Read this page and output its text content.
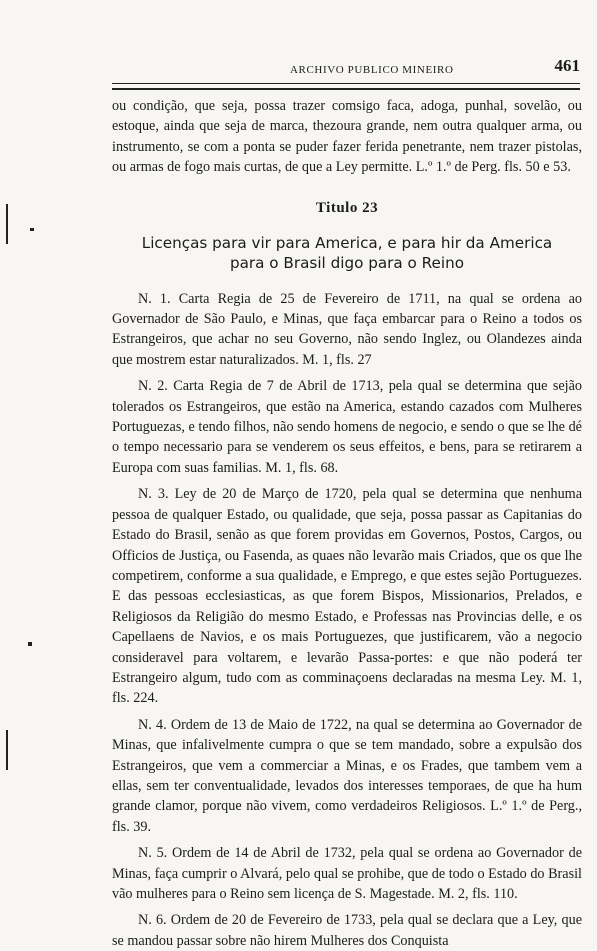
ARCHIVO PUBLICO MINEIRO	461

ou condição, que seja, possa trazer comsigo faca, adoga, punhal, sovelão, ou estoque, ainda que seja de marca, thezoura grande, nem outra qualquer arma, ou instrumento, se com a ponta se puder fazer ferida penetrante, nem trazer pistolas, ou armas de fogo mais curtas, de que a Ley permitte. L.º 1.º de Perg. fls. 50 e 53.

Titulo 23
Licenças para vir para America, e para hir da America
para o Brasil digo para o Reino

N. 1. Carta Regia de 25 de Fevereiro de 1711, na qual se ordena ao Governador de São Paulo, e Minas, que faça embarcar para o Reino a todos os Estrangeiros, que achar no seu Governo, não sendo Inglez, ou Olandezes ainda que mostrem estar naturalizados. M. 1, fls. 27

N. 2. Carta Regia de 7 de Abril de 1713, pela qual se determina que sejão tolerados os Estrangeiros, que estão na America, estando cazados com Mulheres Portuguezas, e tendo filhos, não sendo homens de negocio, e sendo o que se lhe dé o tempo necessario para se venderem os seus effeitos, e bens, para se retirarem a Europa com suas familias. M. 1, fls. 68.

N. 3. Ley de 20 de Março de 1720, pela qual se determina que nenhuma pessoa de qualquer Estado, ou qualidade, que seja, possa passar as Capitanias do Estado do Brasil, senão as que forem providas em Governos, Postos, Cargos, ou Officios de Justiça, ou Fasenda, as quaes não levarão mais Criados, que os que lhe competirem, conforme a sua qualidade, e Emprego, e que estes sejão Portuguezes. E das pessoas ecclesiasticas, as que forem Bispos, Missionarios, Prelados, e Religiosos da Religião do mesmo Estado, e Professas nas Provincias delle, e os Capellaens de Navios, e os mais Portuguezes, que justificarem, vão a negocio consideravel para voltarem, e levarão Passa-portes: e que não poderá ter Estrangeiro algum, tudo com as comminaçoens declaradas na mesma Ley. M. 1, fls. 224.

N. 4. Ordem de 13 de Maio de 1722, na qual se determina ao Governador de Minas, que infalivelmente cumpra o que se tem mandado, sobre a expulsão dos Estrangeiros, que vem a commerciar a Minas, e os Frades, que tambem vem a ellas, sem ter conventualidade, levados dos interesses temporaes, de que ha hum grande clamor, porque não vivem, como verdadeiros Religiosos. L.º 1.º de Perg., fls. 39.

N. 5. Ordem de 14 de Abril de 1732, pela qual se ordena ao Governador de Minas, faça cumprir o Alvará, pelo qual se prohibe, que de todo o Estado do Brasil vão mulheres para o Reino sem licença de S. Magestade. M. 2, fls. 110.

N. 6. Ordem de 20 de Fevereiro de 1733, pela qual se declara que a Ley, que se mandou passar sobre não hirem Mulheres dos Conquista
